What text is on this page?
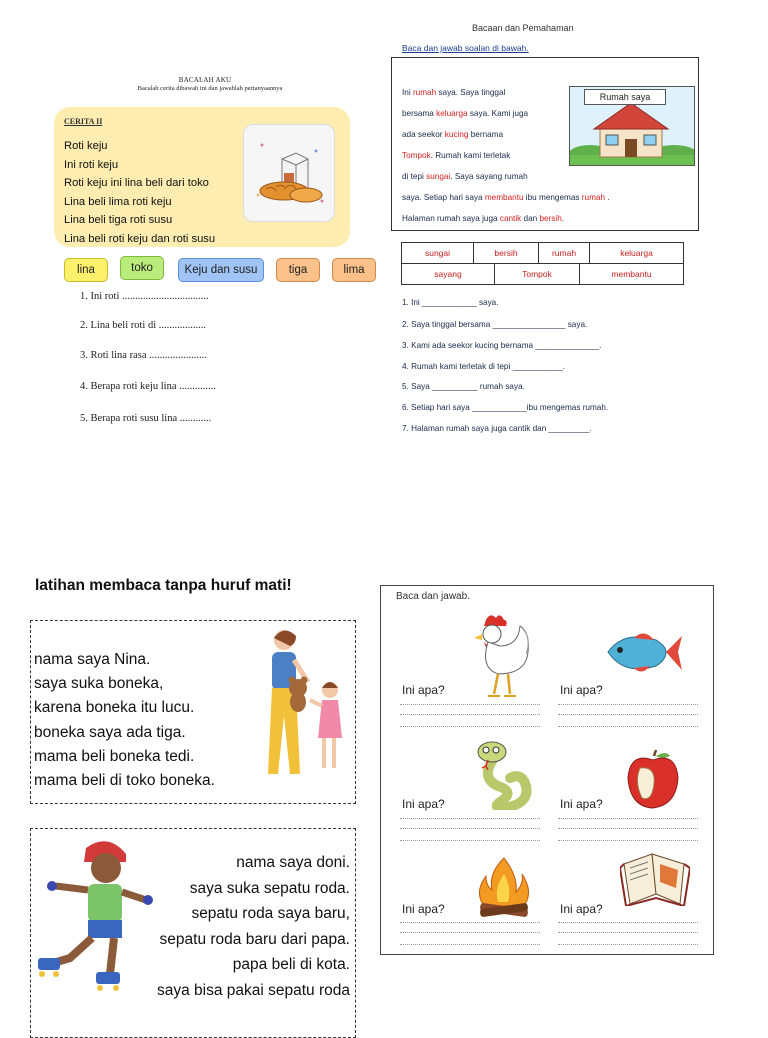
BACALAH AKU
Bacalah cerita dibawah ini dan jawablah pertanyaannya
CERITA II
Roti keju
Ini roti keju
Roti keju ini lina beli dari toko
Lina beli lima roti keju
Lina beli tiga roti susu
Lina beli roti keju dan roti susu
lina	toko	Keju dan susu	tiga	lima
1. Ini roti .................................
2. Lina beli roti di ..................
3. Roti lina rasa ......................
4. Berapa roti keju lina ..............
5. Berapa roti susu lina ............
Bacaan dan Pemahaman
Baca dan jawab soalan di bawah.
Ini rumah saya. Saya tinggal
bersama keluarga saya. Kami juga
ada seekor kucing bernama
Tompok. Rumah kami terletak
di tepi sungai. Saya sayang rumah
saya. Setiap hari saya membantu ibu mengemas rumah .
Halaman rumah saya juga cantik dan bersih.
Rumah saya
sungai	bersih	rumah	keluarga
sayang	Tompok	membantu
1. Ini ____________ saya.
2. Saya tinggal bersama ________________ saya.
3. Kami ada seekor kucing bernama ______________.
4. Rumah kami terletak di tepi ___________.
5. Saya __________ rumah saya.
6. Setiap hari saya ____________ibu mengemas rumah.
7. Halaman rumah saya juga cantik dan _________.
latihan membaca tanpa huruf mati!
nama saya Nina.
saya suka boneka,
karena boneka itu lucu.
boneka saya ada tiga.
mama beli boneka tedi.
mama beli di toko boneka.
nama saya doni.
saya suka sepatu roda.
sepatu roda saya baru,
sepatu roda baru dari papa.
papa beli di kota.
saya bisa pakai sepatu roda
Baca dan jawab.
Ini apa?	Ini apa?
Ini apa?	Ini apa?
Ini apa?	Ini apa?
